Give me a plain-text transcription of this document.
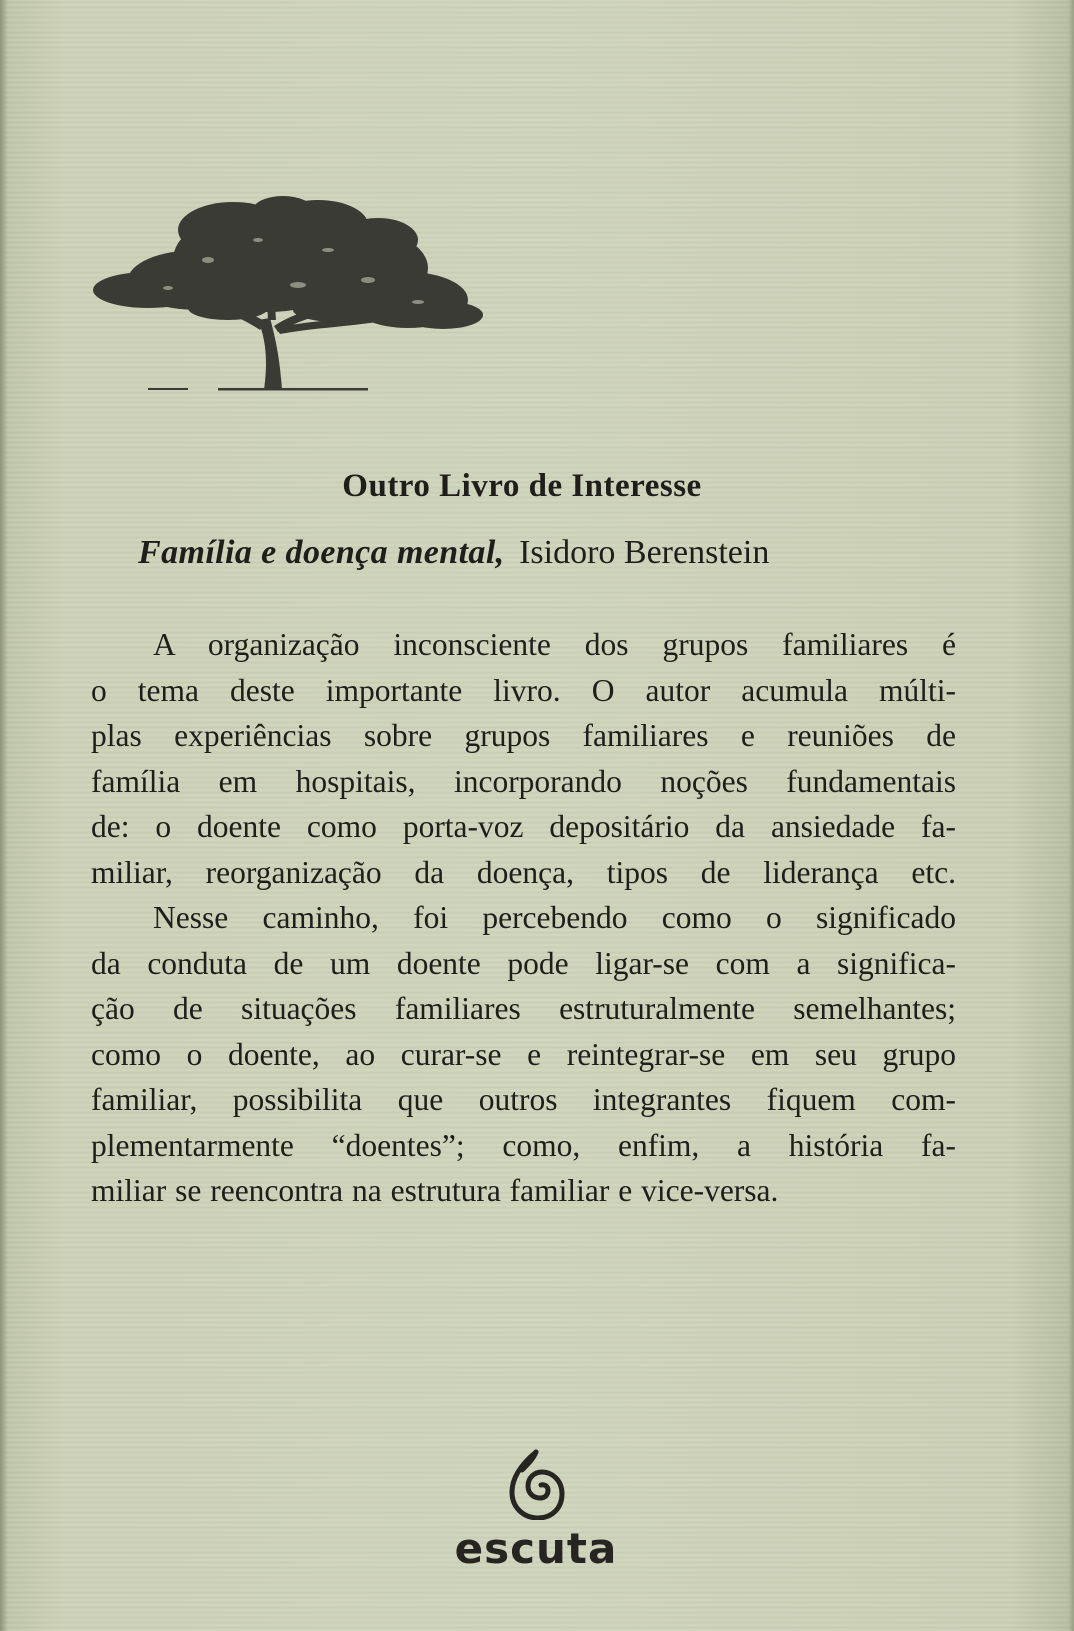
Outro Livro de Interesse
Família e doença mental, Isidoro Berenstein
A organização inconsciente dos grupos familiares é
o tema deste importante livro. O autor acumula múlti-
plas experiências sobre grupos familiares e reuniões de
família em hospitais, incorporando noções fundamentais
de: o doente como porta-voz depositário da ansiedade fa-
miliar, reorganização da doença, tipos de liderança etc.
Nesse caminho, foi percebendo como o significado
da conduta de um doente pode ligar-se com a significa-
ção de situações familiares estruturalmente semelhantes;
como o doente, ao curar-se e reintegrar-se em seu grupo
familiar, possibilita que outros integrantes fiquem com-
plementarmente “doentes”; como, enfim, a história fa-
miliar se reencontra na estrutura familiar e vice-versa.
escuta
